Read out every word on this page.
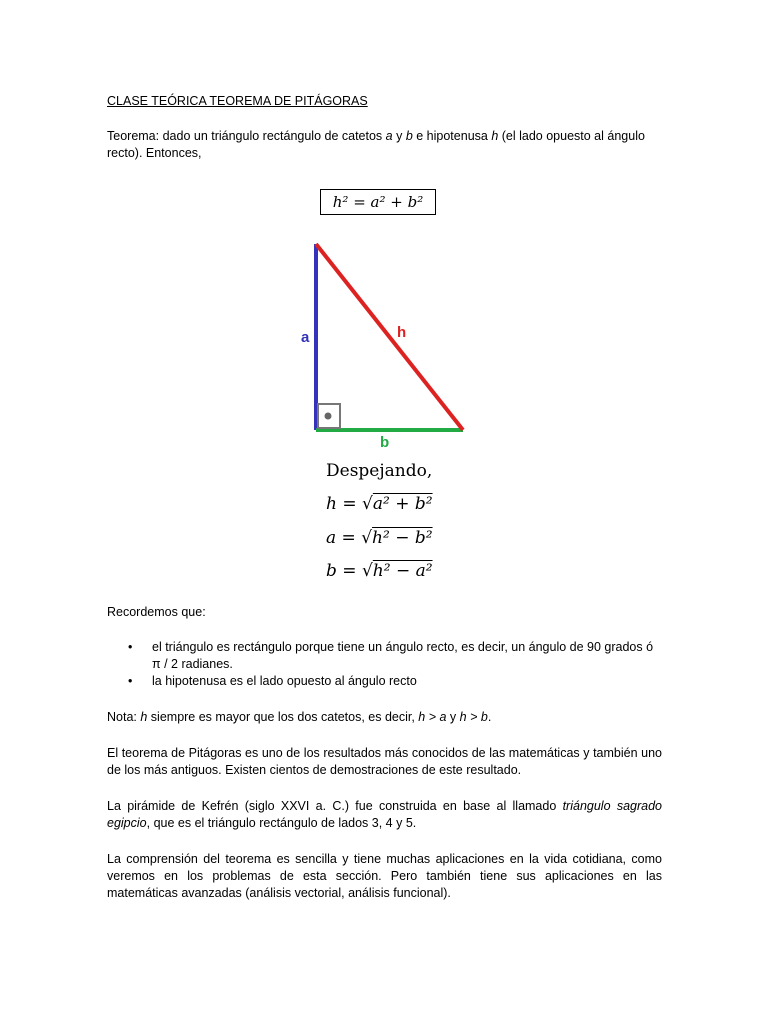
CLASE TEÓRICA TEOREMA DE PITÁGORAS

Teorema: dado un triángulo rectángulo de catetos a y b e hipotenusa h (el lado opuesto al ángulo recto). Entonces,

h² = a² + b²
a	h
b
Despejando,
h = √a² + b²
a = √h² − b²
b = √h² − a²

Recordemos que:

• el triángulo es rectángulo porque tiene un ángulo recto, es decir, un ángulo de 90 grados ó π / 2 radianes.
• la hipotenusa es el lado opuesto al ángulo recto

Nota: h siempre es mayor que los dos catetos, es decir, h > a y h > b.

El teorema de Pitágoras es uno de los resultados más conocidos de las matemáticas y también uno de los más antiguos. Existen cientos de demostraciones de este resultado.

La pirámide de Kefrén (siglo XXVI a. C.) fue construida en base al llamado triángulo sagrado egipcio, que es el triángulo rectángulo de lados 3, 4 y 5.

La comprensión del teorema es sencilla y tiene muchas aplicaciones en la vida cotidiana, como veremos en los problemas de esta sección. Pero también tiene sus aplicaciones en las matemáticas avanzadas (análisis vectorial, análisis funcional).
